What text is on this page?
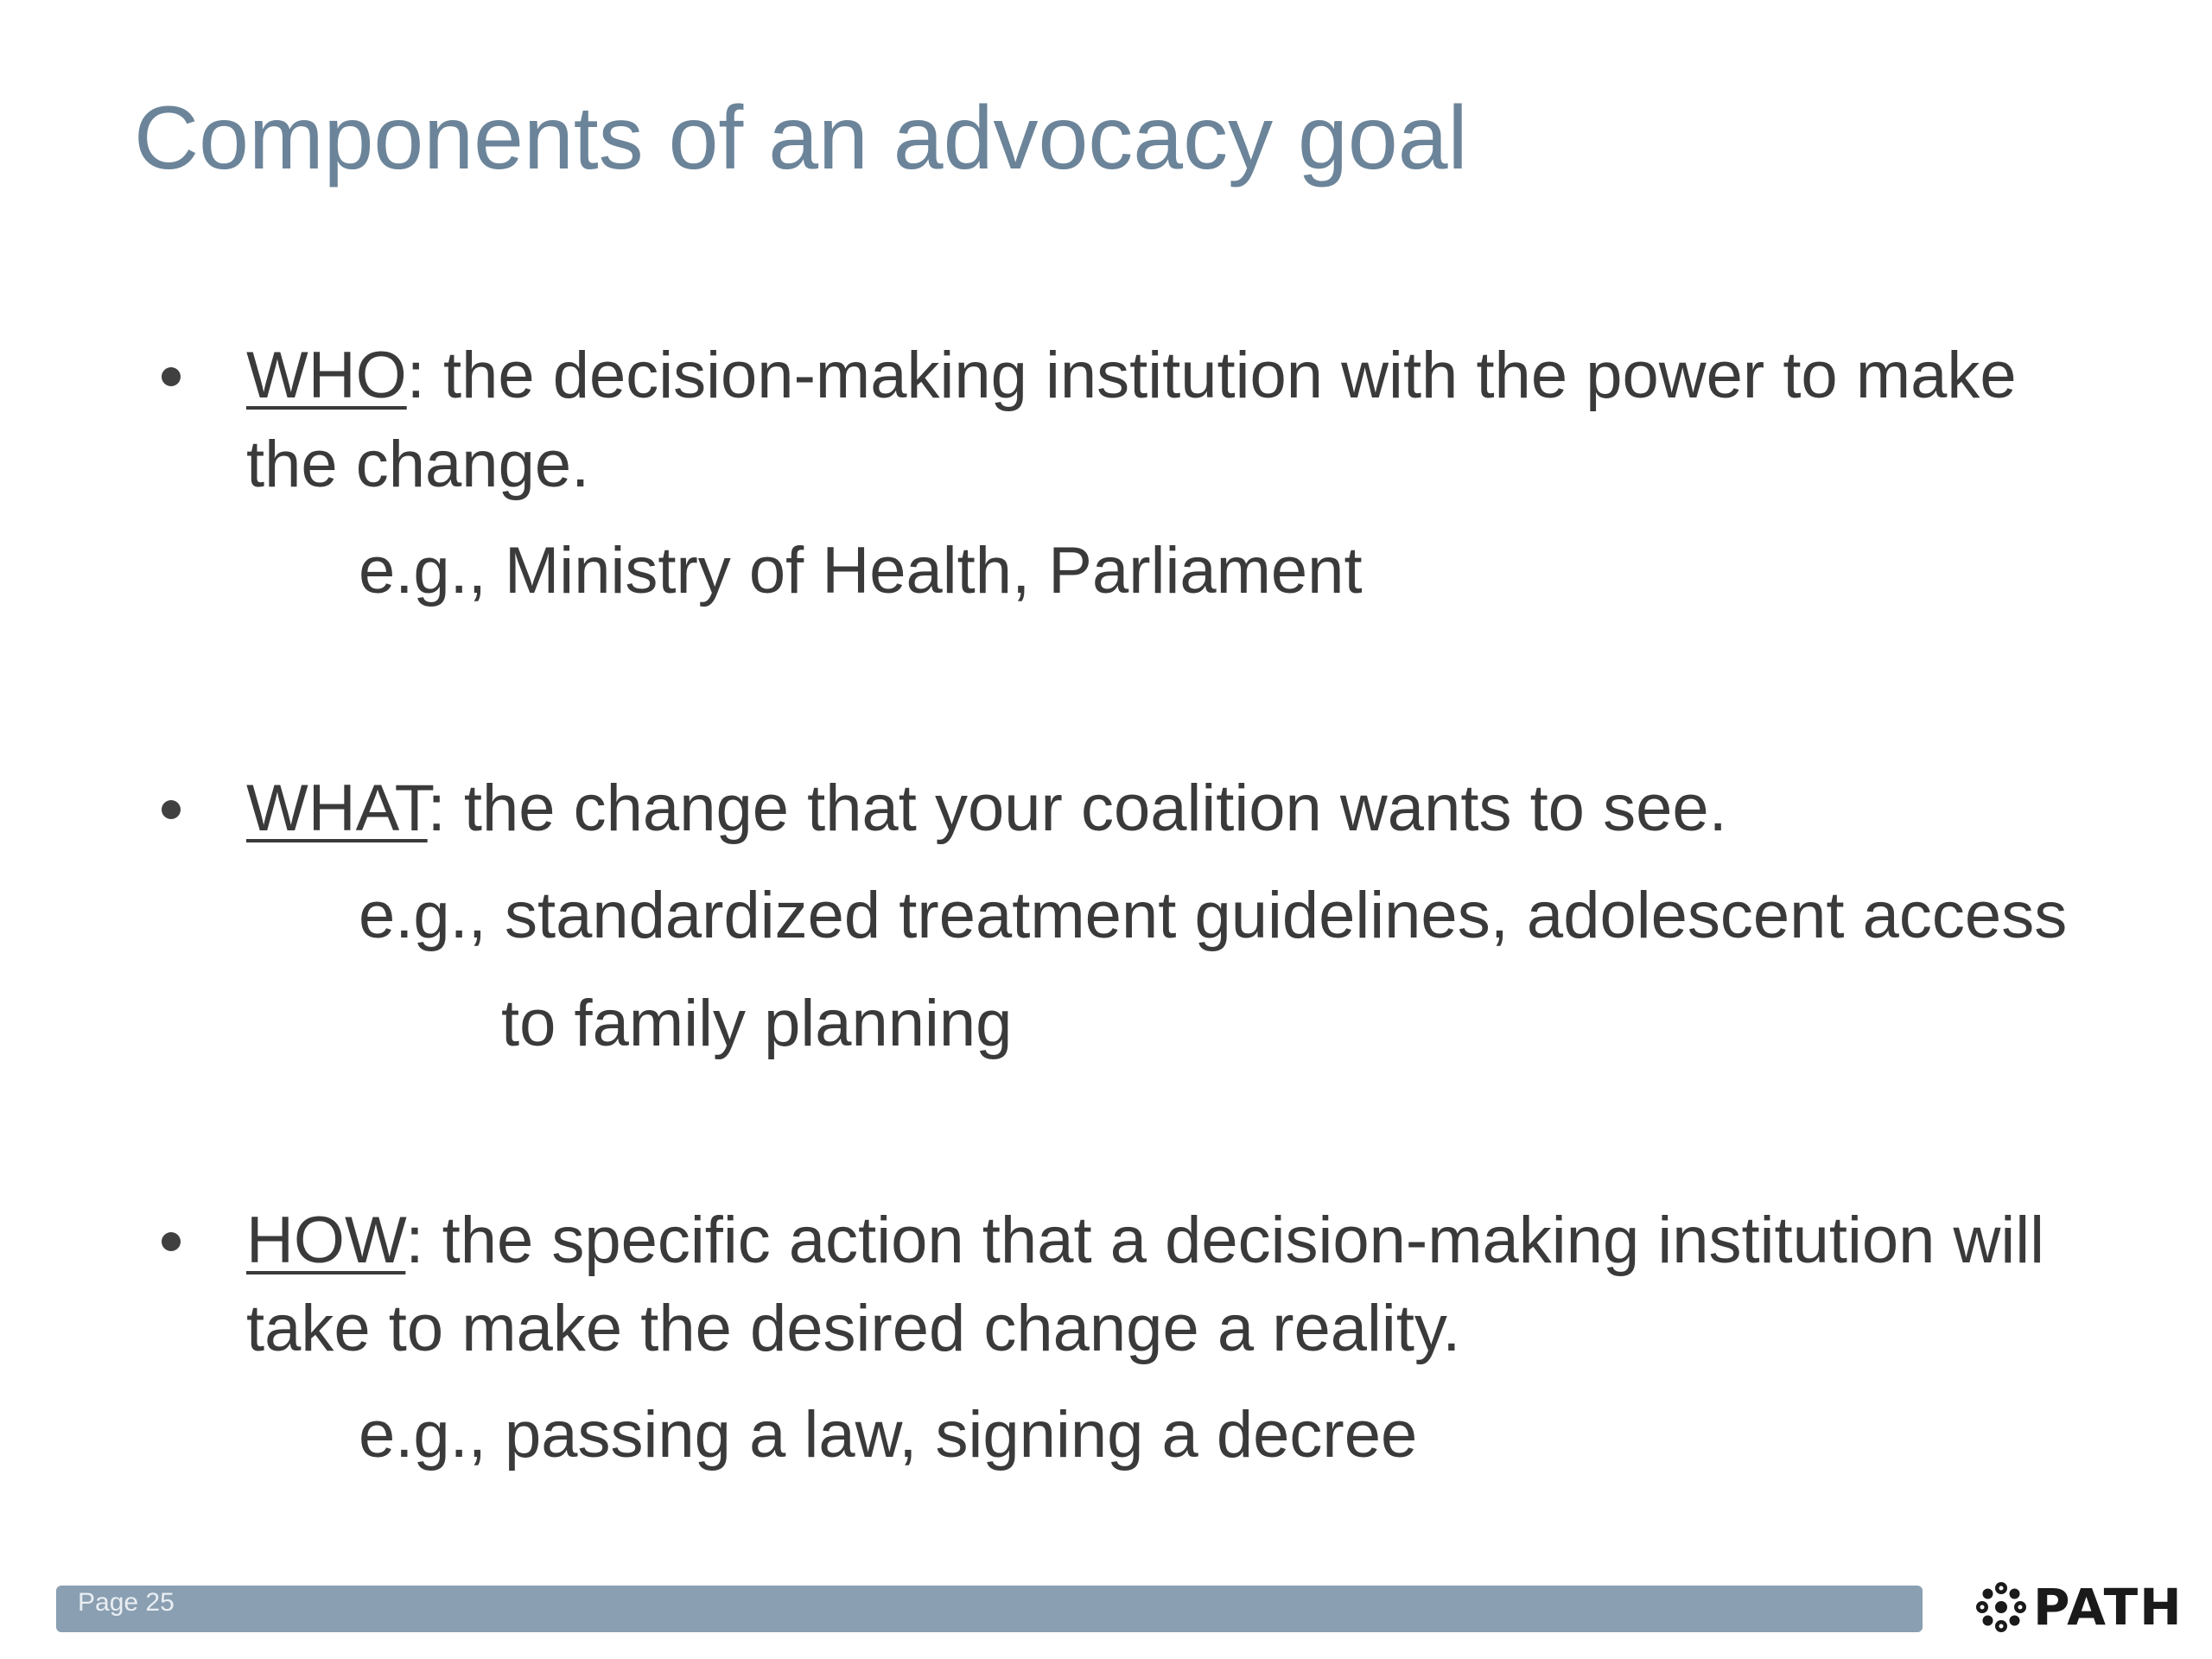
Components of an advocacy goal
WHO: the decision-making institution with the power to make
the change.
e.g., Ministry of Health, Parliament
WHAT: the change that your coalition wants to see.
e.g., standardized treatment guidelines, adolescent access
to family planning
HOW: the specific action that a decision-making institution will
take to make the desired change a reality.
e.g., passing a law, signing a decree
Page 25	PATH
